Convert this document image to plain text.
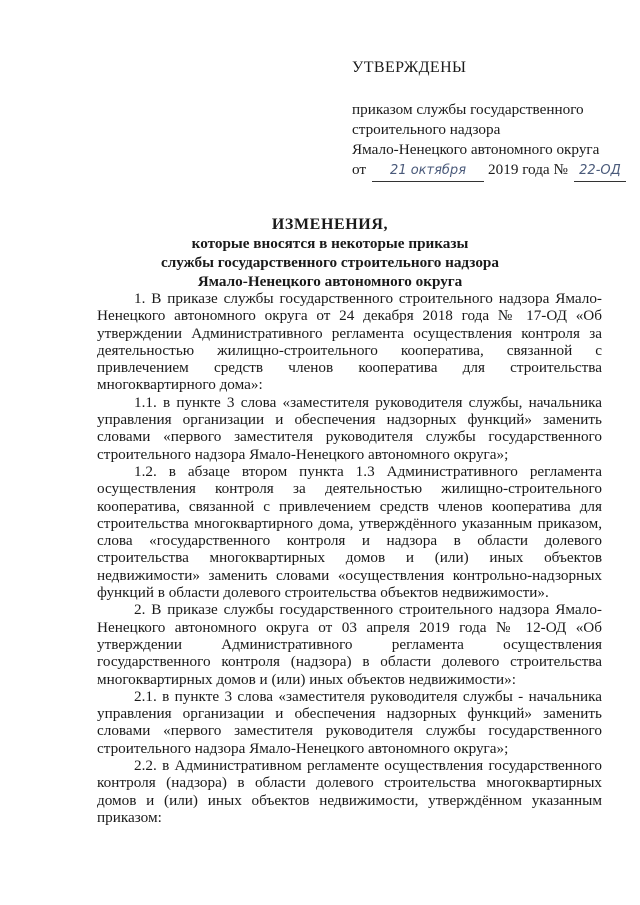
УТВЕРЖДЕНЫ
приказом службы государственного
строительного надзора
Ямало-Ненецкого автономного округа
от 21 октября 2019 года № 22-ОД
ИЗМЕНЕНИЯ,
которые вносятся в некоторые приказы
службы государственного строительного надзора
Ямало-Ненецкого автономного округа

1. В приказе службы государственного строительного надзора Ямало-Ненецкого автономного округа от 24 декабря 2018 года № 17-ОД «Об утверждении Административного регламента осуществления контроля за деятельностью жилищно-строительного кооператива, связанной с привлечением средств членов кооператива для строительства многоквартирного дома»:

1.1. в пункте 3 слова «заместителя руководителя службы, начальника управления организации и обеспечения надзорных функций» заменить словами «первого заместителя руководителя службы государственного строительного надзора Ямало-Ненецкого автономного округа»;

1.2. в абзаце втором пункта 1.3 Административного регламента осуществления контроля за деятельностью жилищно-строительного кооператива, связанной с привлечением средств членов кооператива для строительства многоквартирного дома, утверждённого указанным приказом, слова «государственного контроля и надзора в области долевого строительства многоквартирных домов и (или) иных объектов недвижимости» заменить словами «осуществления контрольно-надзорных функций в области долевого строительства объектов недвижимости».

2. В приказе службы государственного строительного надзора Ямало-Ненецкого автономного округа от 03 апреля 2019 года № 12-ОД «Об утверждении Административного регламента осуществления государственного контроля (надзора) в области долевого строительства многоквартирных домов и (или) иных объектов недвижимости»:

2.1. в пункте 3 слова «заместителя руководителя службы - начальника управления организации и обеспечения надзорных функций» заменить словами «первого заместителя руководителя службы государственного строительного надзора Ямало-Ненецкого автономного округа»;

2.2. в Административном регламенте осуществления государственного контроля (надзора) в области долевого строительства многоквартирных домов и (или) иных объектов недвижимости, утверждённом указанным приказом:
